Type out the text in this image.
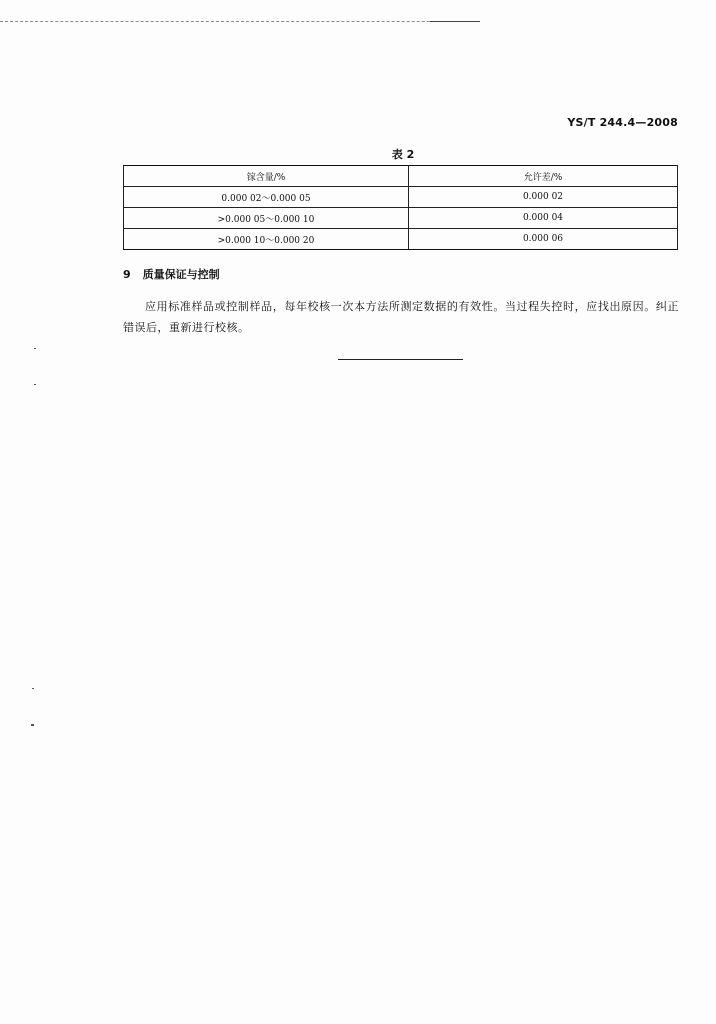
YS/T 244.4—2008
表 2
镓含量/%	允许差/%
0.000 02～0.000 05	0.000 02
>0.000 05～0.000 10	0.000 04
>0.000 10～0.000 20	0.000 06
9 质量保证与控制
应用标准样品或控制样品，每年校核一次本方法所测定数据的有效性。当过程失控时，应找出原因。纠正错误后，重新进行校核。
